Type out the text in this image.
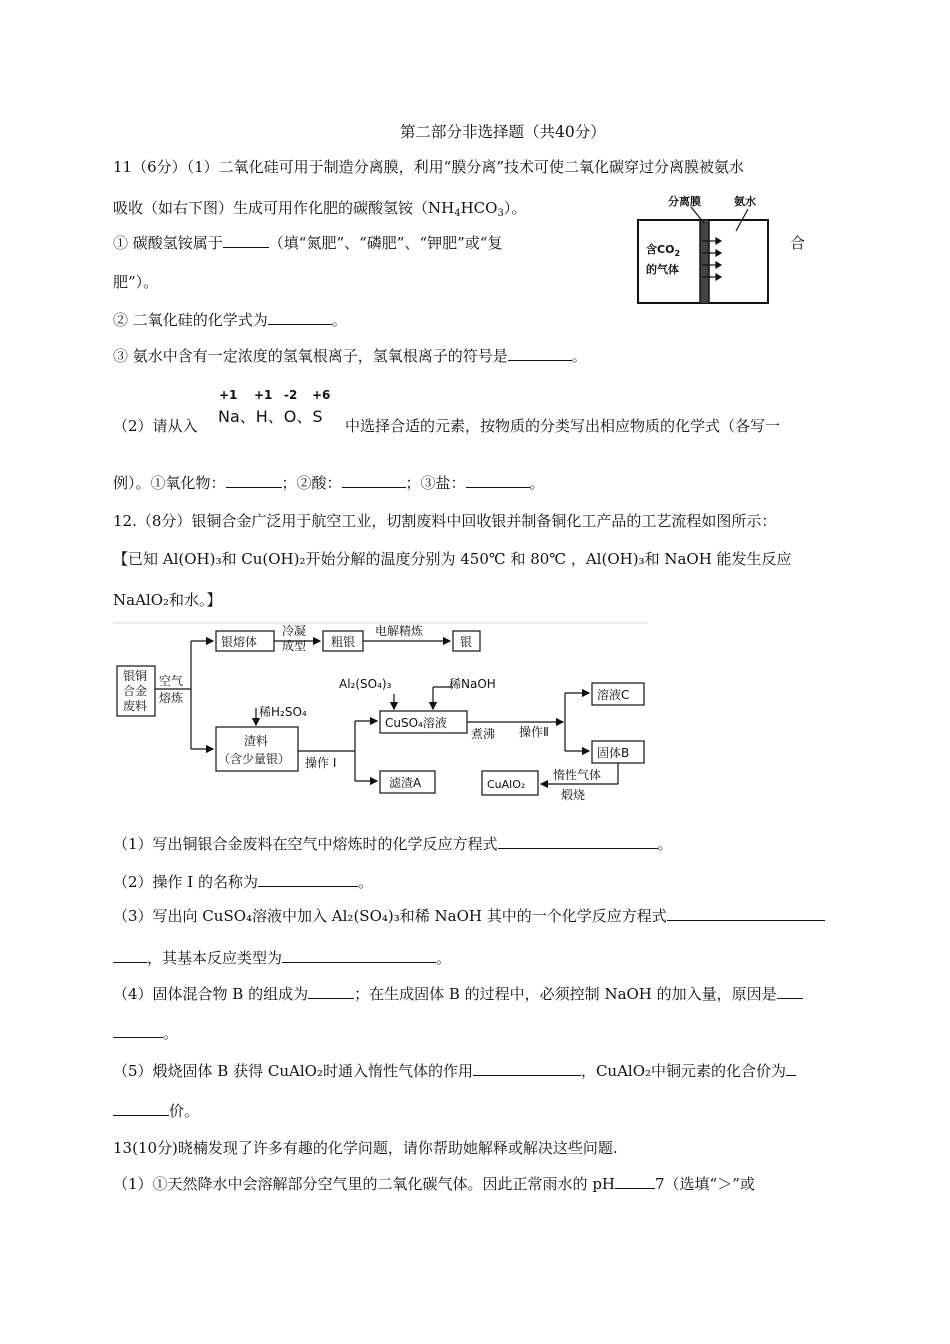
第二部分非选择题（共40分）
11（6分）（1）二氧化硅可用于制造分离膜，利用“膜分离”技术可使二氧化碳穿过分离膜被氨水
吸收（如右下图）生成可用作化肥的碳酸氢铵$(NH_4HCO_3)$。
① 碳酸氢铵属于	（填“氮肥”、“磷肥”、“钾肥”或“复	合
肥”）。
② 二氧化硅的化学式为	。
③ 氨水中含有一定浓度的氢氧根离子，氢氧根离子的符号是	。
分离膜	氨水
含$CO_2$
的气体
（2）请从入
+1 +1 -2 +6
Na、H、O、S 中选择合适的元素，按物质的分类写出相应物质的化学式（各写一
例）。①氧化物：	；②酸：	；③盐：	。
12.（8分）银铜合金广泛用于航空工业，切割废料中回收银并制备铜化工产品的工艺流程如图所示：
【已知 Al(OH)₃和 Cu(OH)₂开始分解的温度分别为 450℃ 和 80℃ ，Al(OH)₃和 NaOH 能发生反应
NaAlO₂和水。】
银铜
合金
废料
空气
熔炼
银熔体
冷凝
成型 粗银
电解精炼
银
Al₂(SO₄)₃	稀NaOH
稀H₂SO₄
渣料
（含少量银） 操作 I
CuSO₄溶液
煮沸 操作Ⅱ
溶液C
固体B
滤渣A
惰性气体
煅烧
CuAlO₂
（1）写出铜银合金废料在空气中熔炼时的化学反应方程式	。
（2）操作 I 的名称为	。
（3）写出向 CuSO₄溶液中加入 Al₂(SO₄)₃和稀 NaOH 其中的一个化学反应方程式
，其基本反应类型为	。
（4）固体混合物 B 的组成为	；在生成固体 B 的过程中，必须控制 NaOH 的加入量，原因是
。
（5）煅烧固体 B 获得 CuAlO₂时通入惰性气体的作用	，CuAlO₂中铜元素的化合价为
价。
13(10分)晓楠发现了许多有趣的化学问题，请你帮助她解释或解决这些问题.
（1）①天然降水中会溶解部分空气里的二氧化碳气体。因此正常雨水的 pH	7（选填“＞”或
